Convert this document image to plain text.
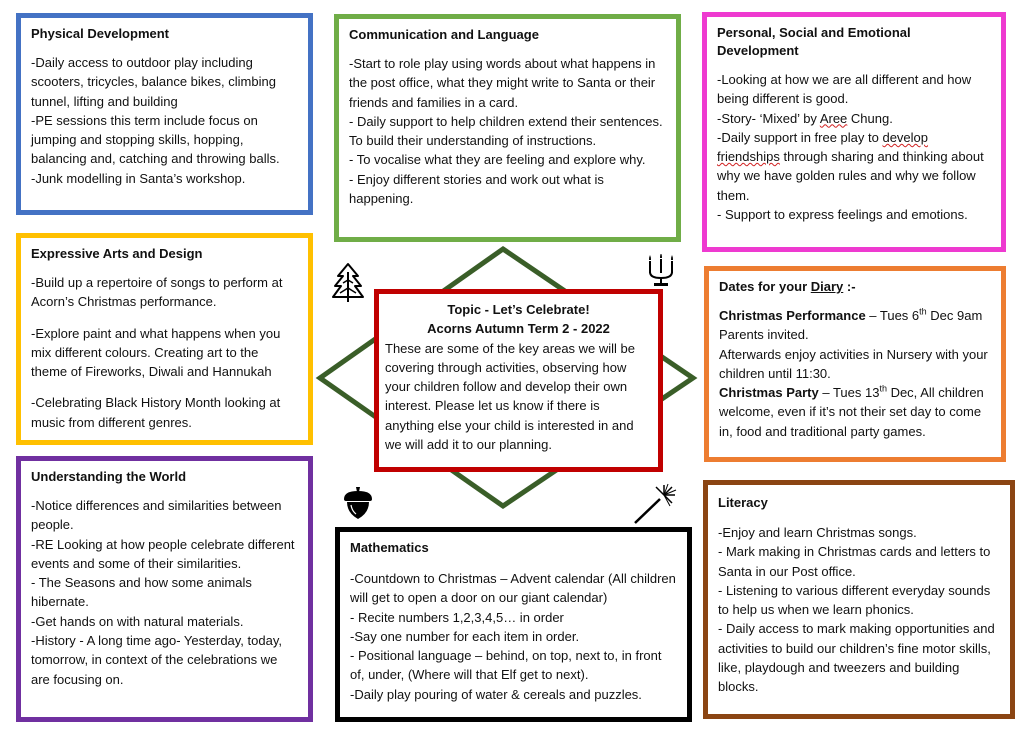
Physical Development

-Daily access to outdoor play including scooters, tricycles, balance bikes, climbing tunnel, lifting and building

-PE sessions this term include focus on jumping and stopping skills, hopping, balancing and, catching and throwing balls.

-Junk modelling in Santa’s workshop.

Communication and Language

-Start to role play using words about what happens in the post office, what they might write to Santa or their friends and families in a card.

- Daily support to help children extend their sentences. To build their understanding of instructions.

- To vocalise what they are feeling and explore why.

- Enjoy different stories and work out what is happening.

Personal, Social and Emotional Development

-Looking at how we are all different and how being different is good.

-Story- ‘Mixed’ by Aree Chung.

-Daily support in free play to develop friendships through sharing and thinking about why we have golden rules and why we follow them.

- Support to express feelings and emotions.

Expressive Arts and Design

-Build up a repertoire of songs to perform at Acorn’s Christmas performance.

-Explore paint and what happens when you mix different colours. Creating art to the theme of Fireworks, Diwali and Hannukah

-Celebrating Black History Month looking at music from different genres.

Dates for your Diary :-

Christmas Performance – Tues 6th Dec 9am Parents invited.

Afterwards enjoy activities in Nursery with your children until 11:30.

Christmas Party – Tues 13th Dec, All children welcome, even if it’s not their set day to come in, food and traditional party games.

Understanding the World

-Notice differences and similarities between people.

-RE Looking at how people celebrate different events and some of their similarities.

- The Seasons and how some animals hibernate.

-Get hands on with natural materials.

-History - A long time ago- Yesterday, today, tomorrow, in context of the celebrations we are focusing on.

Mathematics

-Countdown to Christmas – Advent calendar (All children will get to open a door on our giant calendar)

- Recite numbers 1,2,3,4,5… in order

-Say one number for each item in order.

- Positional language – behind, on top, next to, in front of, under, (Where will that Elf get to next).

-Daily play pouring of water & cereals and puzzles.

Literacy

-Enjoy and learn Christmas songs.

- Mark making in Christmas cards and letters to Santa in our Post office.

- Listening to various different everyday sounds to help us when we learn phonics.

- Daily access to mark making opportunities and activities to build our children’s fine motor skills, like, playdough and tweezers and building blocks.

Topic - Let’s Celebrate!

Acorns Autumn Term 2 - 2022

These are some of the key areas we will be covering through activities, observing how your children follow and develop their own interest. Please let us know if there is anything else your child is interested in and we will add it to our planning.
